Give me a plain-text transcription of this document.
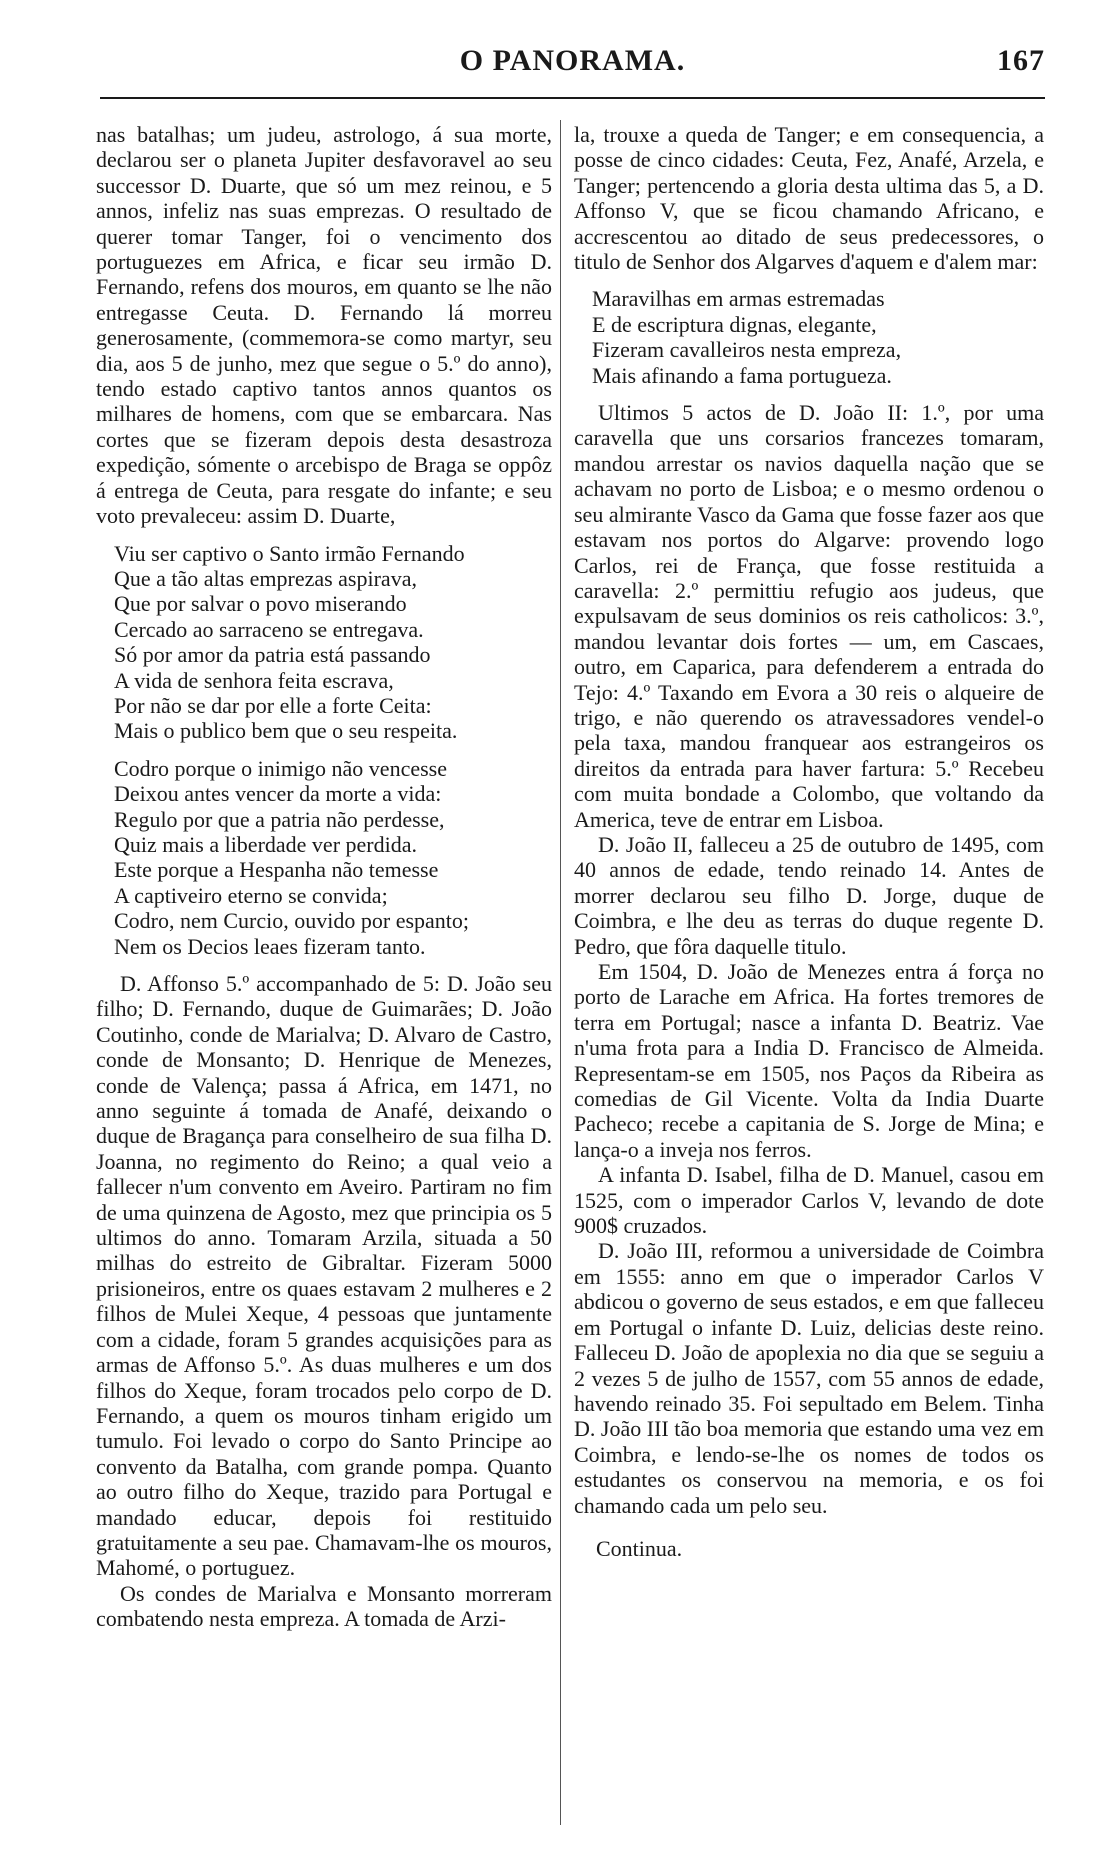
O PANORAMA.	167

nas batalhas; um judeu, astrologo, á sua morte, declarou ser o planeta Jupiter desfavoravel ao seu successor D. Duarte, que só um mez reinou, e 5 annos, infeliz nas suas emprezas. O resultado de querer tomar Tanger, foi o vencimento dos portuguezes em Africa, e ficar seu irmão D. Fernando, refens dos mouros, em quanto se lhe não entregasse Ceuta. D. Fernando lá morreu generosamente, (commemora-se como martyr, seu dia, aos 5 de junho, mez que segue o 5.º do anno), tendo estado captivo tantos annos quantos os milhares de homens, com que se embarcara. Nas cortes que se fizeram depois desta desastroza expedição, sómente o arcebispo de Braga se oppôz á entrega de Ceuta, para resgate do infante; e seu voto prevaleceu: assim D. Duarte,

Viu ser captivo o Santo irmão Fernando
Que a tão altas emprezas aspirava,
Que por salvar o povo miserando
Cercado ao sarraceno se entregava.
Só por amor da patria está passando
A vida de senhora feita escrava,
Por não se dar por elle a forte Ceita:
Mais o publico bem que o seu respeita.
Codro porque o inimigo não vencesse
Deixou antes vencer da morte a vida:
Regulo por que a patria não perdesse,
Quiz mais a liberdade ver perdida.
Este porque a Hespanha não temesse
A captiveiro eterno se convida;
Codro, nem Curcio, ouvido por espanto;
Nem os Decios leaes fizeram tanto.

D. Affonso 5.º accompanhado de 5: D. João seu filho; D. Fernando, duque de Guimarães; D. João Coutinho, conde de Marialva; D. Alvaro de Castro, conde de Monsanto; D. Henrique de Menezes, conde de Valença; passa á Africa, em 1471, no anno seguinte á tomada de Anafé, deixando o duque de Bragança para conselheiro de sua filha D. Joanna, no regimento do Reino; a qual veio a fallecer n'um convento em Aveiro. Partiram no fim de uma quinzena de Agosto, mez que principia os 5 ultimos do anno. Tomaram Arzila, situada a 50 milhas do estreito de Gibraltar. Fizeram 5000 prisioneiros, entre os quaes estavam 2 mulheres e 2 filhos de Mulei Xeque, 4 pessoas que juntamente com a cidade, foram 5 grandes acquisições para as armas de Affonso 5.º. As duas mulheres e um dos filhos do Xeque, foram trocados pelo corpo de D. Fernando, a quem os mouros tinham erigido um tumulo. Foi levado o corpo do Santo Principe ao convento da Batalha, com grande pompa. Quanto ao outro filho do Xeque, trazido para Portugal e mandado educar, depois foi restituido gratuitamente a seu pae. Chamavam-lhe os mouros, Mahomé, o portuguez.

Os condes de Marialva e Monsanto morreram combatendo nesta empreza. A tomada de Arzi-

la, trouxe a queda de Tanger; e em consequencia, a posse de cinco cidades: Ceuta, Fez, Anafé, Arzela, e Tanger; pertencendo a gloria desta ultima das 5, a D. Affonso V, que se ficou chamando Africano, e accrescentou ao ditado de seus predecessores, o titulo de Senhor dos Algarves d'aquem e d'alem mar:

Maravilhas em armas estremadas
E de escriptura dignas, elegante,
Fizeram cavalleiros nesta empreza,
Mais afinando a fama portugueza.

Ultimos 5 actos de D. João II: 1.º, por uma caravella que uns corsarios francezes tomaram, mandou arrestar os navios daquella nação que se achavam no porto de Lisboa; e o mesmo ordenou o seu almirante Vasco da Gama que fosse fazer aos que estavam nos portos do Algarve: provendo logo Carlos, rei de França, que fosse restituida a caravella: 2.º permittiu refugio aos judeus, que expulsavam de seus dominios os reis catholicos: 3.º, mandou levantar dois fortes — um, em Cascaes, outro, em Caparica, para defenderem a entrada do Tejo: 4.º Taxando em Evora a 30 reis o alqueire de trigo, e não querendo os atravessadores vendel-o pela taxa, mandou franquear aos estrangeiros os direitos da entrada para haver fartura: 5.º Recebeu com muita bondade a Colombo, que voltando da America, teve de entrar em Lisboa.

D. João II, falleceu a 25 de outubro de 1495, com 40 annos de edade, tendo reinado 14. Antes de morrer declarou seu filho D. Jorge, duque de Coimbra, e lhe deu as terras do duque regente D. Pedro, que fôra daquelle titulo.

Em 1504, D. João de Menezes entra á força no porto de Larache em Africa. Ha fortes tremores de terra em Portugal; nasce a infanta D. Beatriz. Vae n'uma frota para a India D. Francisco de Almeida. Representam-se em 1505, nos Paços da Ribeira as comedias de Gil Vicente. Volta da India Duarte Pacheco; recebe a capitania de S. Jorge de Mina; e lança-o a inveja nos ferros.

A infanta D. Isabel, filha de D. Manuel, casou em 1525, com o imperador Carlos V, levando de dote 900$ cruzados.

D. João III, reformou a universidade de Coimbra em 1555: anno em que o imperador Carlos V abdicou o governo de seus estados, e em que falleceu em Portugal o infante D. Luiz, delicias deste reino. Falleceu D. João de apoplexia no dia que se seguiu a 2 vezes 5 de julho de 1557, com 55 annos de edade, havendo reinado 35. Foi sepultado em Belem. Tinha D. João III tão boa memoria que estando uma vez em Coimbra, e lendo-se-lhe os nomes de todos os estudantes os conservou na memoria, e os foi chamando cada um pelo seu.

Continua.
